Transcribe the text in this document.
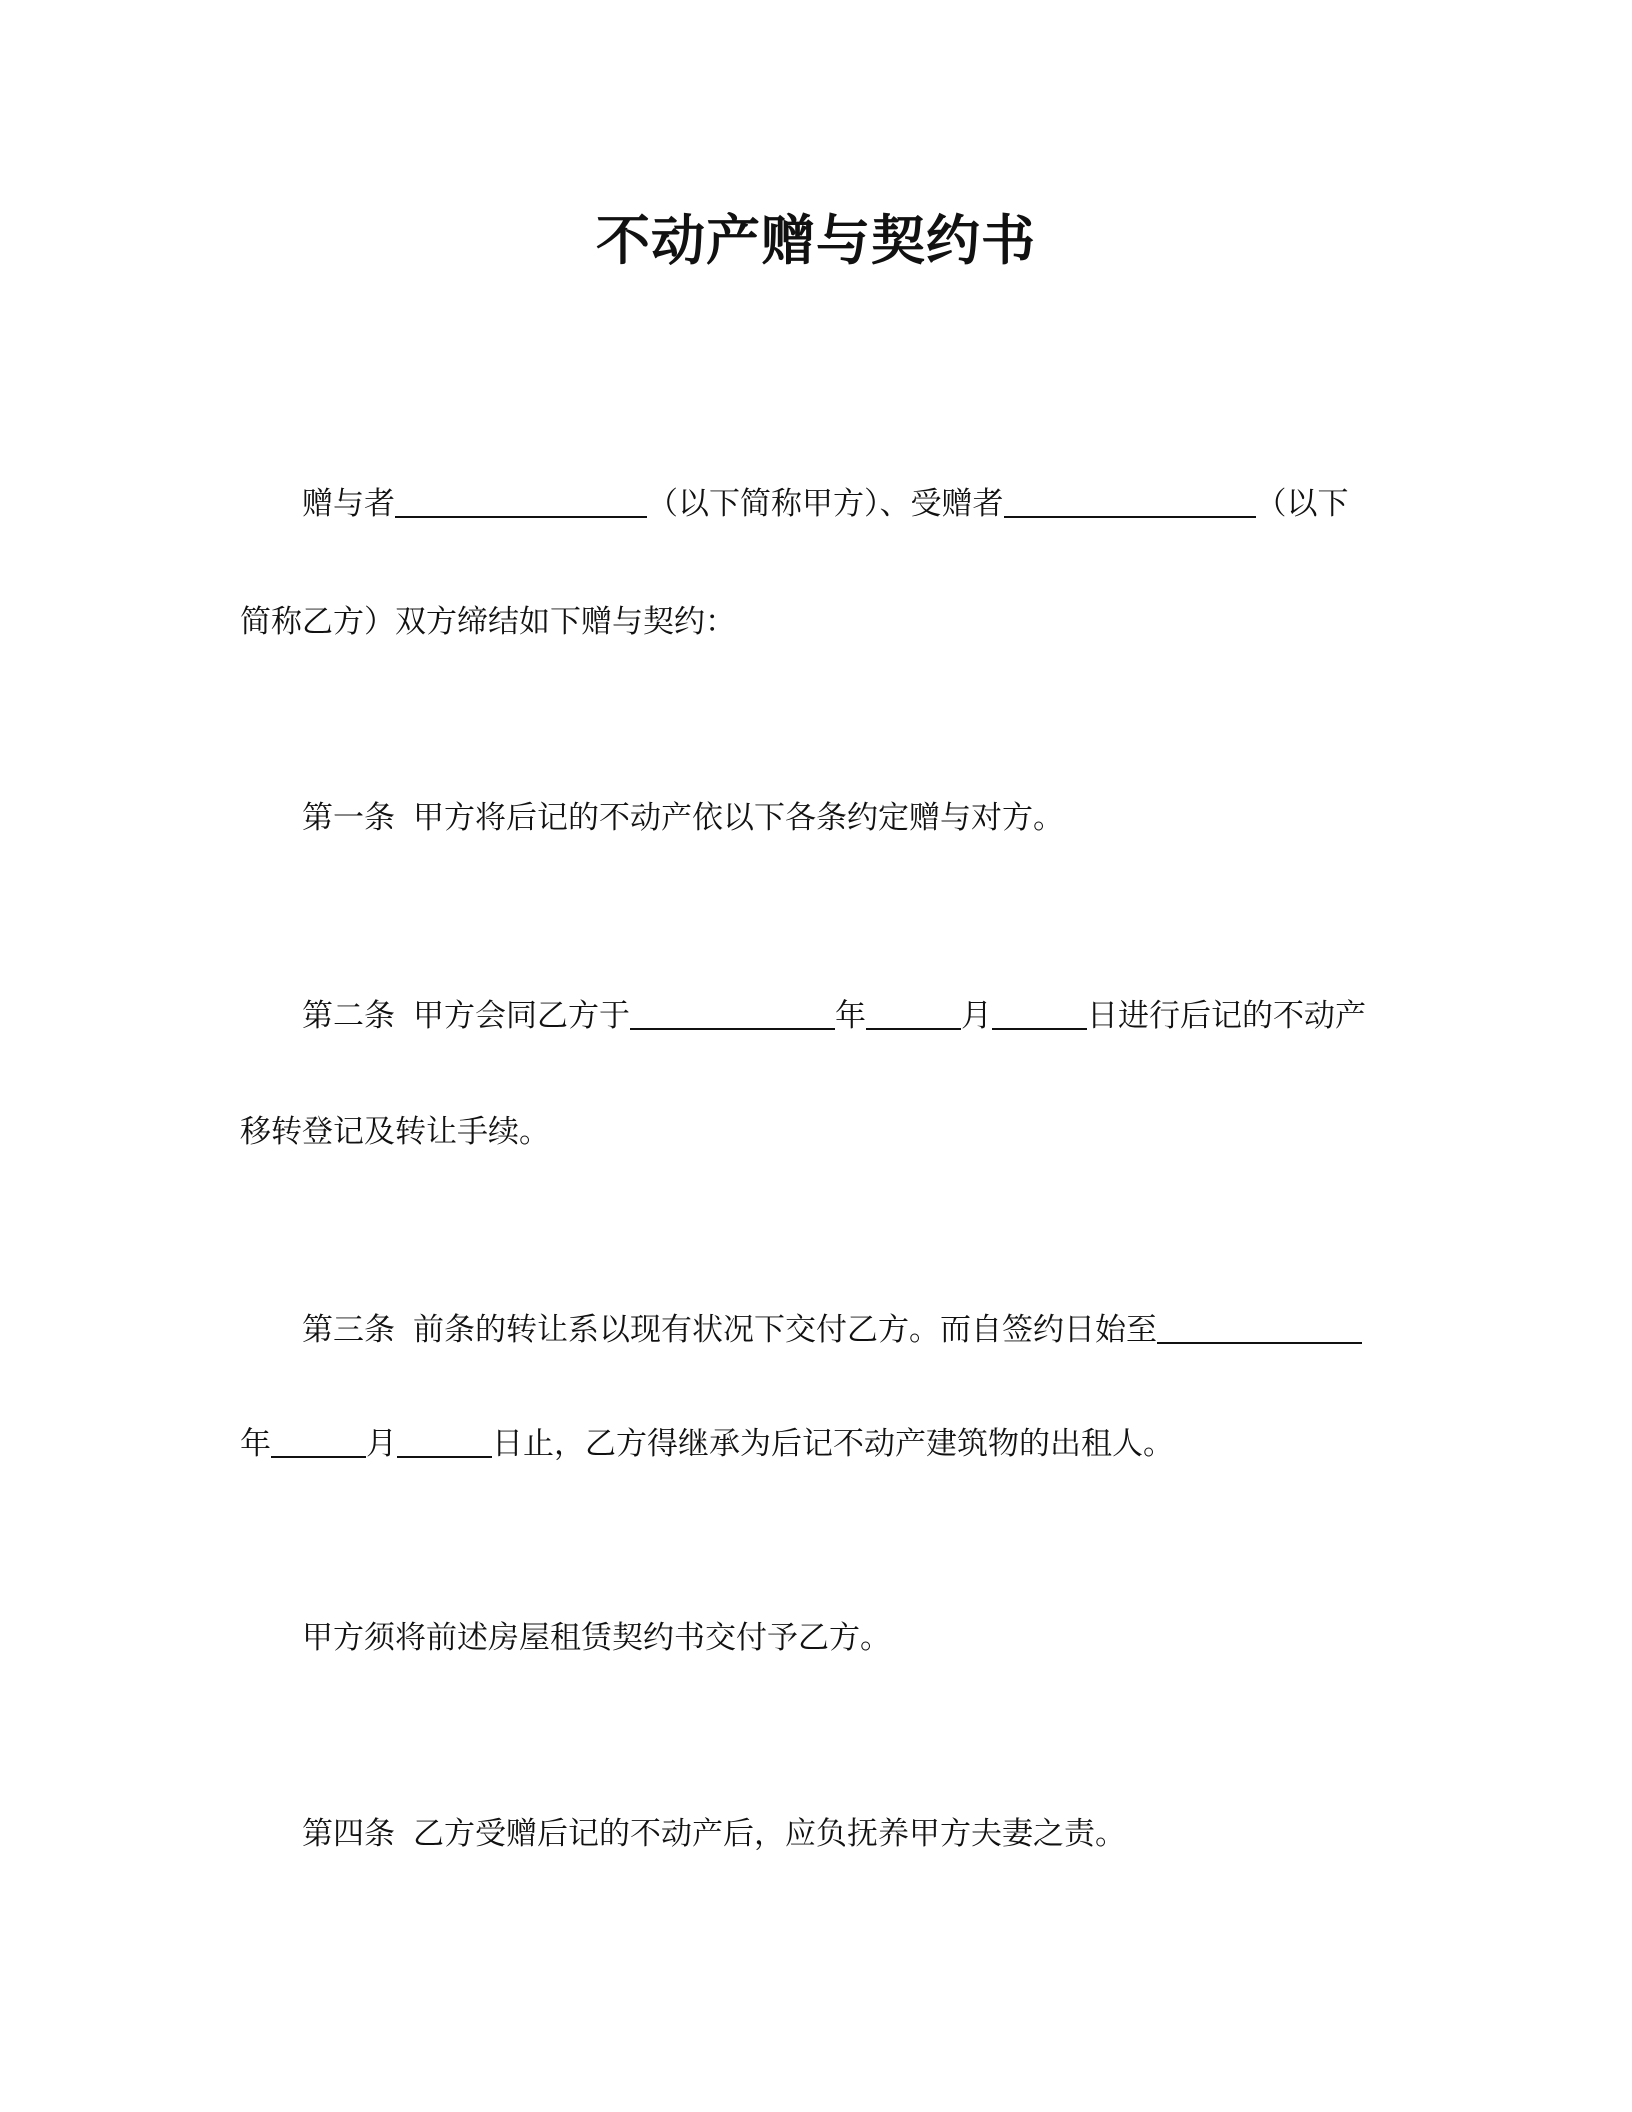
不动产赠与契约书
赠与者	（以下简称甲方）、受赠者	（以下
简称乙方）双方缔结如下赠与契约：
第一条 甲方将后记的不动产依以下各条约定赠与对方。
第二条 甲方会同乙方于	年	月	日进行后记的不动产
移转登记及转让手续。
第三条 前条的转让系以现有状况下交付乙方。而自签约日始至
年	月	日止，乙方得继承为后记不动产建筑物的出租人。
甲方须将前述房屋租赁契约书交付予乙方。
第四条 乙方受赠后记的不动产后，应负抚养甲方夫妻之责。
